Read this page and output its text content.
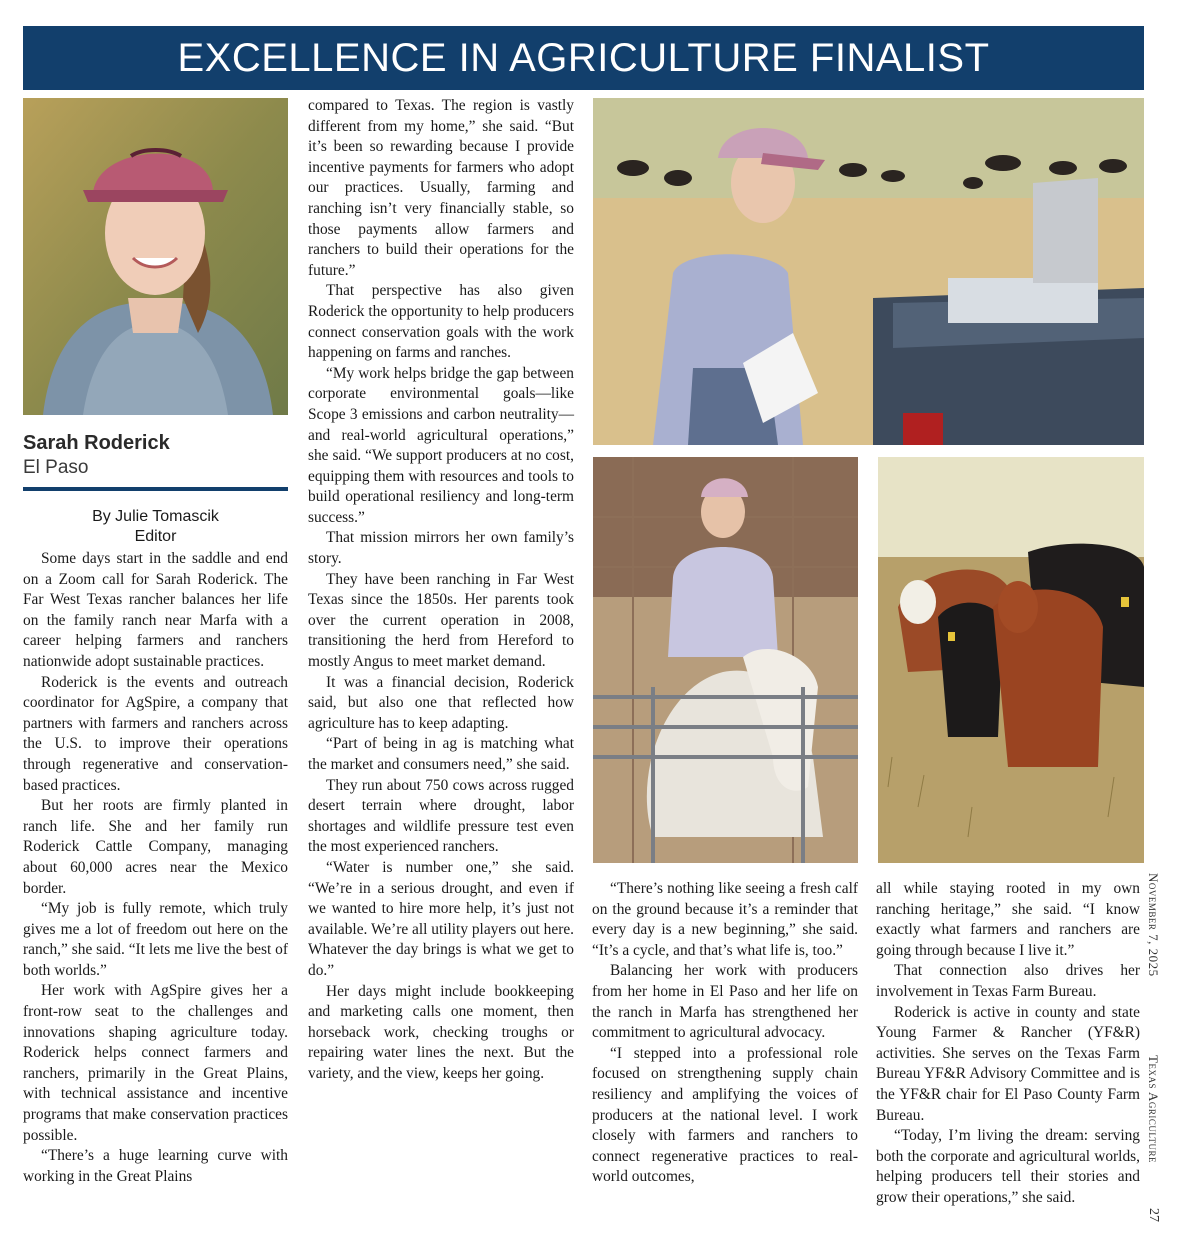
EXCELLENCE IN AGRICULTURE FINALIST
Sarah Roderick
El Paso
By Julie Tomascik
Editor

Some days start in the saddle and end on a Zoom call for Sarah Roderick. The Far West Texas rancher balances her life on the family ranch near Marfa with a career helping farmers and ranchers nationwide adopt sustainable practices.

Roderick is the events and outreach coordinator for AgSpire, a company that partners with farmers and ranchers across the U.S. to improve their operations through regenerative and conservation-based practices.

But her roots are firmly planted in ranch life. She and her family run Roderick Cattle Company, managing about 60,000 acres near the Mexico border.

“My job is fully remote, which truly gives me a lot of freedom out here on the ranch,” she said. “It lets me live the best of both worlds.”

Her work with AgSpire gives her a front-row seat to the challenges and innovations shaping agriculture today. Roderick helps connect farmers and ranchers, primarily in the Great Plains, with technical assistance and incentive programs that make conservation practices possible.

“There’s a huge learning curve with working in the Great Plains

compared to Texas. The region is vastly different from my home,” she said. “But it’s been so rewarding because I provide incentive payments for farmers who adopt our practices. Usually, farming and ranching isn’t very financially stable, so those payments allow farmers and ranchers to build their operations for the future.”

That perspective has also given Roderick the opportunity to help producers connect conservation goals with the work happening on farms and ranches.

“My work helps bridge the gap between corporate environmental goals—like Scope 3 emissions and carbon neutrality—and real-world agricultural operations,” she said. “We support producers at no cost, equipping them with resources and tools to build operational resiliency and long-term success.”

That mission mirrors her own family’s story.

They have been ranching in Far West Texas since the 1850s. Her parents took over the current operation in 2008, transitioning the herd from Hereford to mostly Angus to meet market demand.

It was a financial decision, Roderick said, but also one that reflected how agriculture has to keep adapting.

“Part of being in ag is matching what the market and consumers need,” she said.

They run about 750 cows across rugged desert terrain where drought, labor shortages and wildlife pressure test even the most experienced ranchers.

“Water is number one,” she said. “We’re in a serious drought, and even if we wanted to hire more help, it’s just not available. We’re all utility players out here. Whatever the day brings is what we get to do.”

Her days might include bookkeeping and marketing calls one moment, then horseback work, checking troughs or repairing water lines the next. But the variety, and the view, keeps her going.

“There’s nothing like seeing a fresh calf on the ground because it’s a reminder that every day is a new beginning,” she said. “It’s a cycle, and that’s what life is, too.”

Balancing her work with producers from her home in El Paso and her life on the ranch in Marfa has strengthened her commitment to agricultural advocacy.

“I stepped into a professional role focused on strengthening supply chain resiliency and amplifying the voices of producers at the national level. I work closely with farmers and ranchers to connect regenerative practices to real-world outcomes,

all while staying rooted in my own ranching heritage,” she said. “I know exactly what farmers and ranchers are going through because I live it.”

That connection also drives her involvement in Texas Farm Bureau.

Roderick is active in county and state Young Farmer & Rancher (YF&R) activities. She serves on the Texas Farm Bureau YF&R Advisory Committee and is the YF&R chair for El Paso County Farm Bureau.

“Today, I’m living the dream: serving both the corporate and agricultural worlds, helping producers tell their stories and grow their operations,” she said.

November 7, 2025
Texas Agriculture
27
